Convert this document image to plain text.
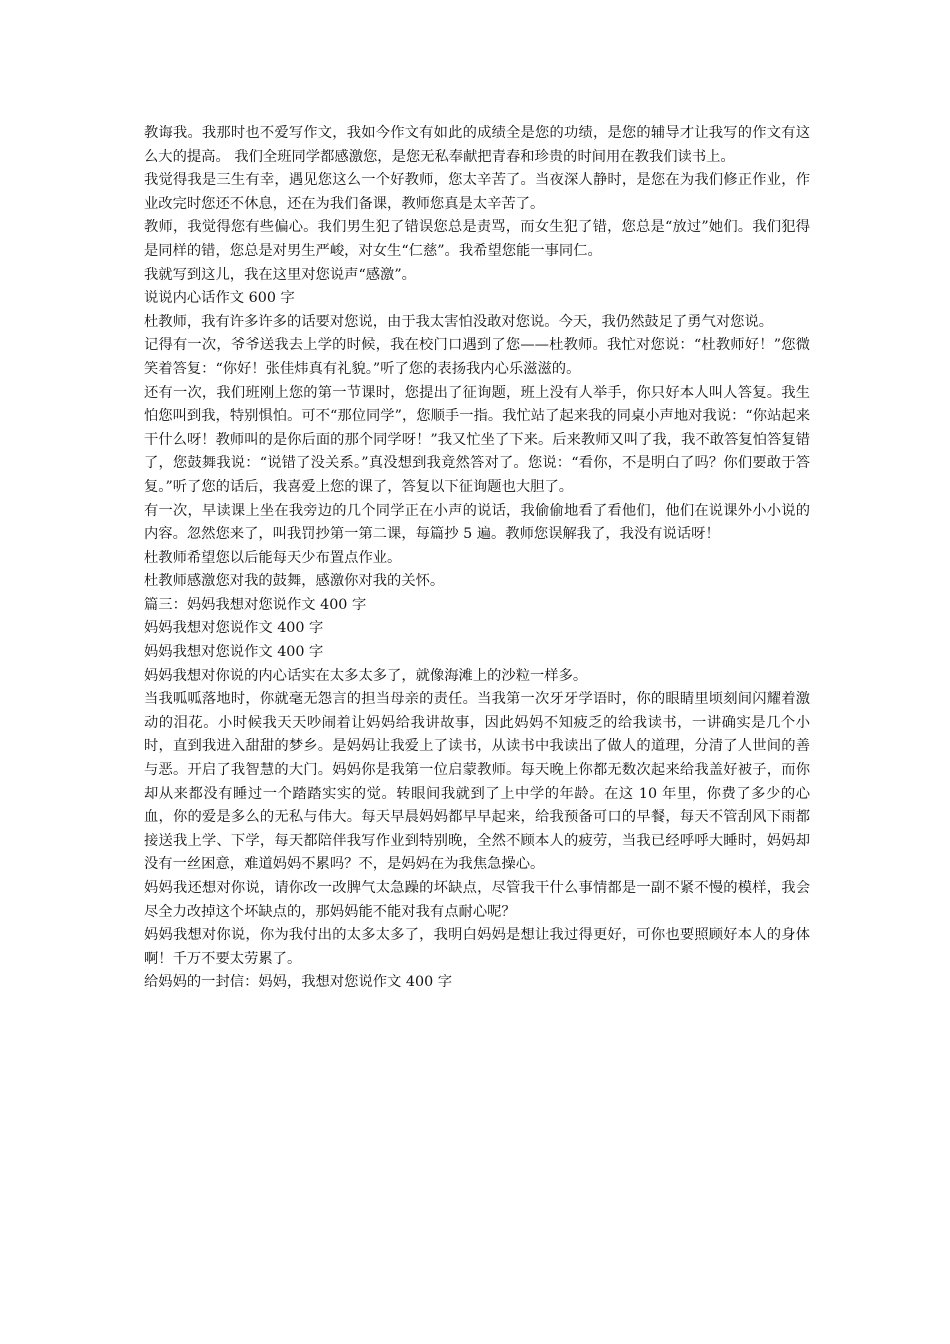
教诲我。我那时也不爱写作文，我如今作文有如此的成绩全是您的功绩，是您的辅导才让我写的作文有这么大的提高。 我们全班同学都感激您，是您无私奉献把青春和珍贵的时间用在教我们读书上。

我觉得我是三生有幸，遇见您这么一个好教师，您太辛苦了。当夜深人静时，是您在为我们修正作业，作业改完时您还不休息，还在为我们备课，教师您真是太辛苦了。

教师，我觉得您有些偏心。我们男生犯了错误您总是责骂，而女生犯了错，您总是“放过”她们。我们犯得是同样的错，您总是对男生严峻，对女生“仁慈”。我希望您能一事同仁。

我就写到这儿，我在这里对您说声“感激”。

说说内心话作文 600 字

杜教师，我有许多许多的话要对您说，由于我太害怕没敢对您说。今天，我仍然鼓足了勇气对您说。

记得有一次，爷爷送我去上学的时候，我在校门口遇到了您——杜教师。我忙对您说：“杜教师好！”您微笑着答复：“你好！张佳炜真有礼貌。”听了您的表扬我内心乐滋滋的。

还有一次，我们班刚上您的第一节课时，您提出了征询题，班上没有人举手，你只好本人叫人答复。我生怕您叫到我，特别惧怕。可不“那位同学”，您顺手一指。我忙站了起来我的同桌小声地对我说：“你站起来干什么呀！教师叫的是你后面的那个同学呀！”我又忙坐了下来。后来教师又叫了我，我不敢答复怕答复错了，您鼓舞我说：“说错了没关系。”真没想到我竟然答对了。您说：“看你，不是明白了吗？你们要敢于答复。”听了您的话后，我喜爱上您的课了，答复以下征询题也大胆了。

有一次，早读课上坐在我旁边的几个同学正在小声的说话，我偷偷地看了看他们，他们在说课外小小说的内容。忽然您来了，叫我罚抄第一第二课，每篇抄 5 遍。教师您误解我了，我没有说话呀！

杜教师希望您以后能每天少布置点作业。

杜教师感激您对我的鼓舞，感激你对我的关怀。

篇三：妈妈我想对您说作文 400 字

妈妈我想对您说作文 400 字

妈妈我想对您说作文 400 字

妈妈我想对你说的内心话实在太多太多了，就像海滩上的沙粒一样多。

当我呱呱落地时，你就毫无怨言的担当母亲的责任。当我第一次牙牙学语时，你的眼睛里顷刻间闪耀着激动的泪花。小时候我天天吵闹着让妈妈给我讲故事，因此妈妈不知疲乏的给我读书，一讲确实是几个小时，直到我进入甜甜的梦乡。是妈妈让我爱上了读书，从读书中我读出了做人的道理，分清了人世间的善与恶。开启了我智慧的大门。妈妈你是我第一位启蒙教师。每天晚上你都无数次起来给我盖好被子，而你却从来都没有睡过一个踏踏实实的觉。转眼间我就到了上中学的年龄。在这 10 年里，你费了多少的心血，你的爱是多么的无私与伟大。每天早晨妈妈都早早起来，给我预备可口的早餐，每天不管刮风下雨都接送我上学、下学，每天都陪伴我写作业到特别晚，全然不顾本人的疲劳，当我已经呼呼大睡时，妈妈却没有一丝困意，难道妈妈不累吗？不，是妈妈在为我焦急操心。

妈妈我还想对你说，请你改一改脾气太急躁的坏缺点，尽管我干什么事情都是一副不紧不慢的模样，我会尽全力改掉这个坏缺点的，那妈妈能不能对我有点耐心呢？

妈妈我想对你说，你为我付出的太多太多了，我明白妈妈是想让我过得更好，可你也要照顾好本人的身体啊！千万不要太劳累了。

给妈妈的一封信：妈妈，我想对您说作文 400 字
